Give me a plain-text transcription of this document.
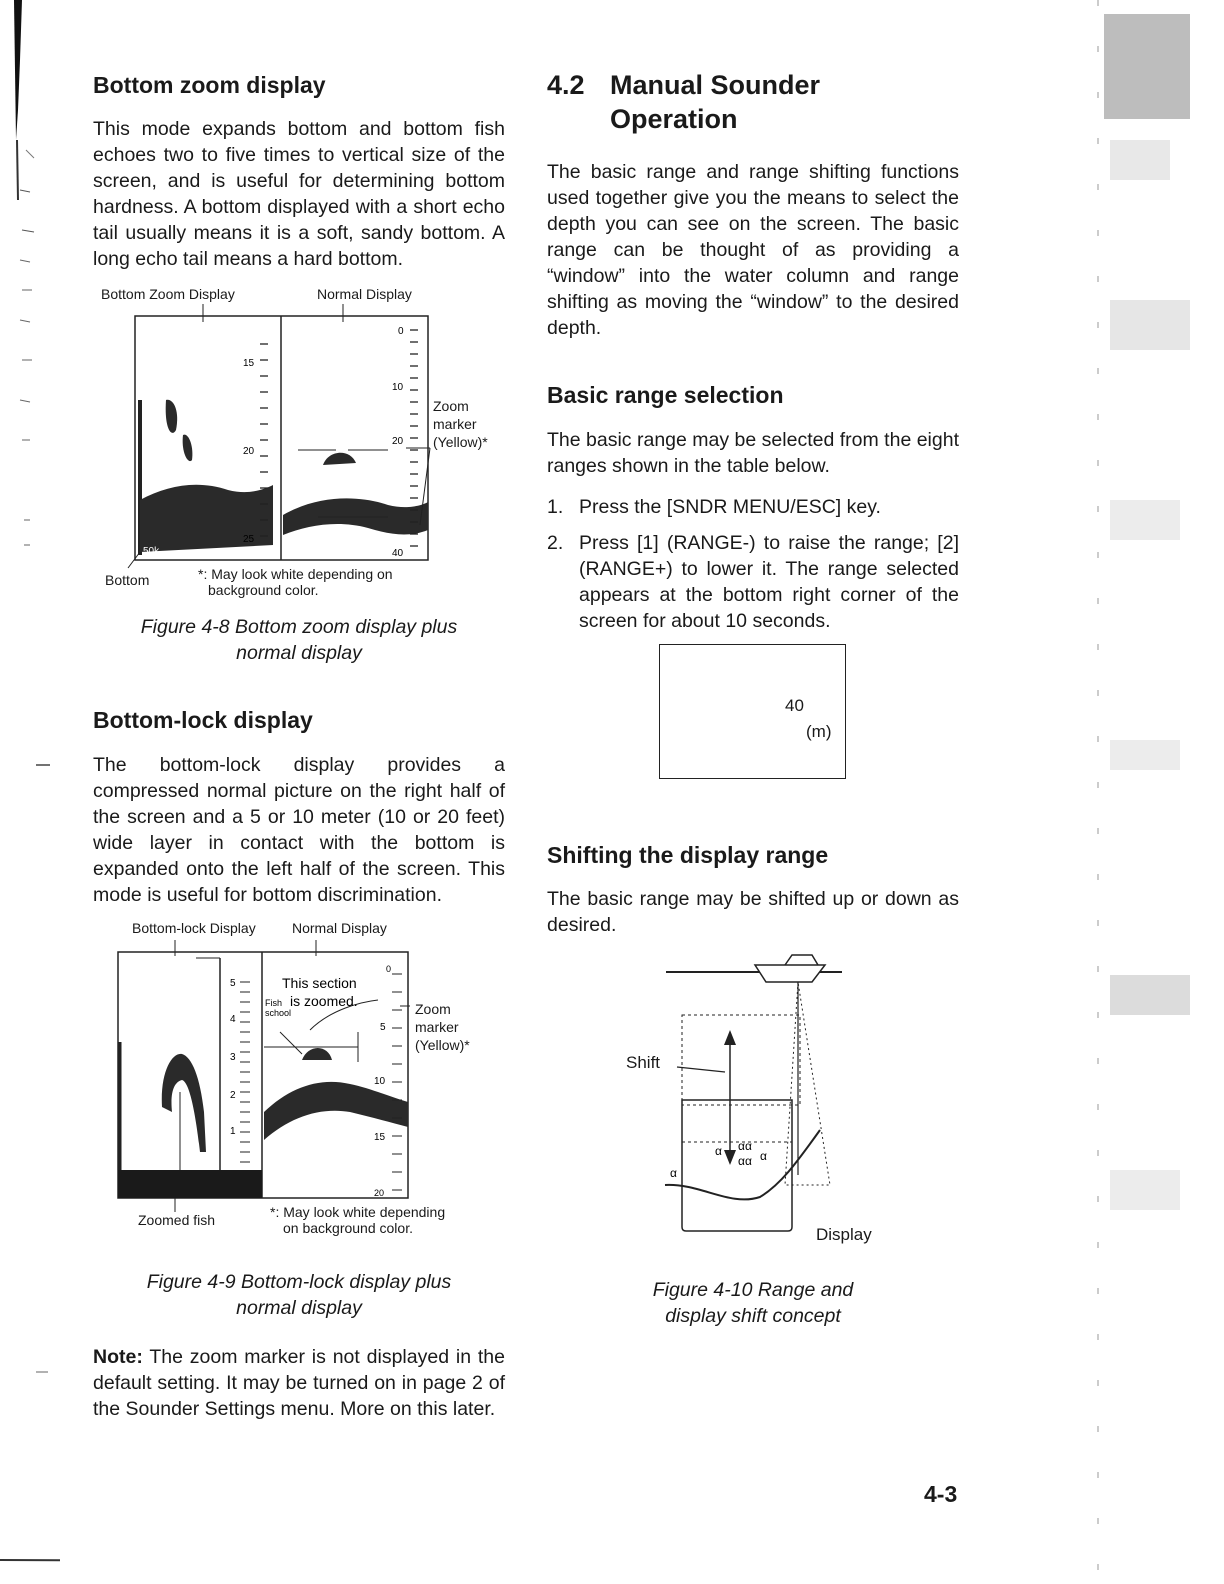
Bottom zoom display

This mode expands bottom and bottom fish echoes two to five times to vertical size of the screen, and is useful for determining bottom hardness. A bottom displayed with a short echo tail usually means it is a soft, sandy bottom. A long echo tail means a hard bottom.

Bottom Zoom Display	Normal Display
15
20
25
0
10
20
40
50k
Zoom
marker
(Yellow)*
Bottom	*: May look white depending on
background color.
Figure 4-8 Bottom zoom display plus
normal display
Bottom-lock display

The bottom-lock display provides a compressed normal picture on the right half of the screen and a 5 or 10 meter (10 or 20 feet) wide layer in contact with the bottom is expanded onto the left half of the screen. This mode is useful for bottom discrimination.

Bottom-lock Display	Normal Display
5
4
3
2
1
0
0
5
10
15
20
This section
is zoomed.
Fish
school	Zoom
marker
(Yellow)*
Zoomed fish	*: May look white depending
on background color.
Figure 4-9 Bottom-lock display plus
normal display

Note: The zoom marker is not displayed in the default setting. It may be turned on in page 2 of the Sounder Settings menu. More on this later.

4.2 Manual Sounder

Operation

The basic range and range shifting functions used together give you the means to select the depth you can see on the screen. The basic range can be thought of as providing a “window” into the water column and range shifting as moving the “window” to the desired depth.

Basic range selection

The basic range may be selected from the eight ranges shown in the table below.

1. Press the [SNDR MENU/ESC] key.
2. Press [1] (RANGE-) to raise the range; [2] (RANGE+) to lower it. The range selected appears at the bottom right corner of the screen for about 10 seconds.
40
(m)
Shifting the display range

The basic range may be shifted up or down as desired.

α αα
αα α
α
Shift
Display
Figure 4-10 Range and
display shift concept
4-3
